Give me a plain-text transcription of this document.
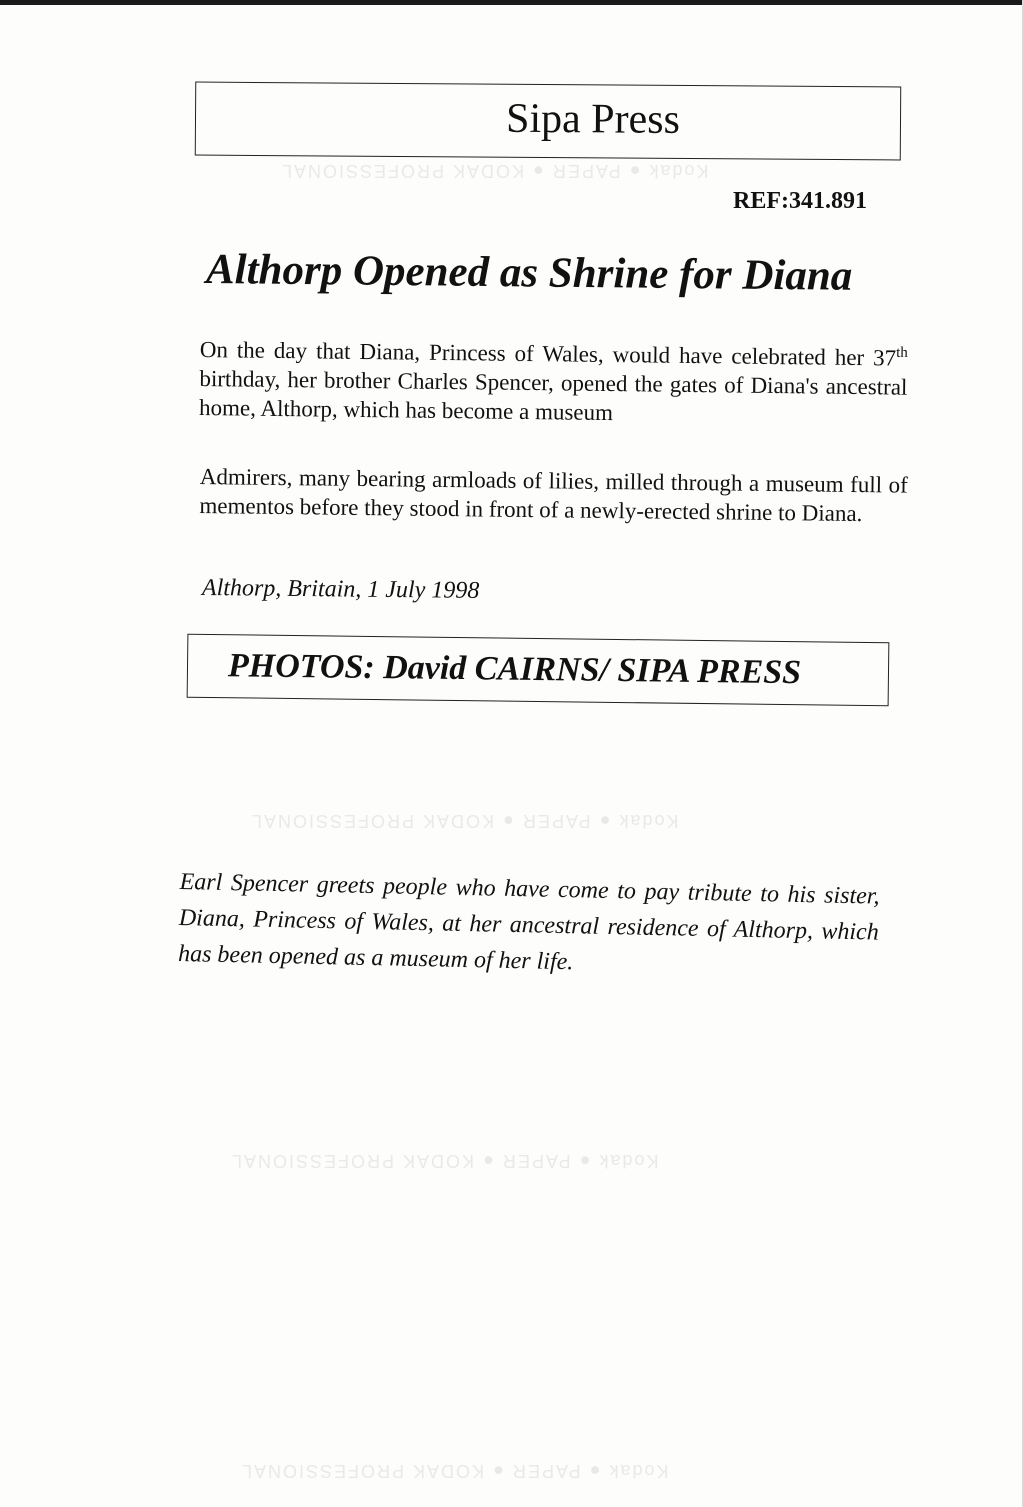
Kodak ● PAPER ● KODAK PROFESSIONAL
Kodak ● PAPER ● KODAK PROFESSIONAL
Kodak ● PAPER ● KODAK PROFESSIONAL
Kodak ● PAPER ● KODAK PROFESSIONAL
Sipa Press
REF:341.891
Althorp Opened as Shrine for Diana
On the day that Diana, Princess of Wales, would have celebrated her 37th birthday, her brother Charles Spencer, opened the gates of Diana's ancestral home, Althorp, which has become a museum
Admirers, many bearing armloads of lilies, milled through a museum full of mementos before they stood in front of a newly-erected shrine to Diana.
Althorp, Britain, 1 July 1998
PHOTOS: David CAIRNS/ SIPA PRESS
Earl Spencer greets people who have come to pay tribute to his sister, Diana, Princess of Wales, at her ancestral residence of Althorp, which has been opened as a museum of her life.
